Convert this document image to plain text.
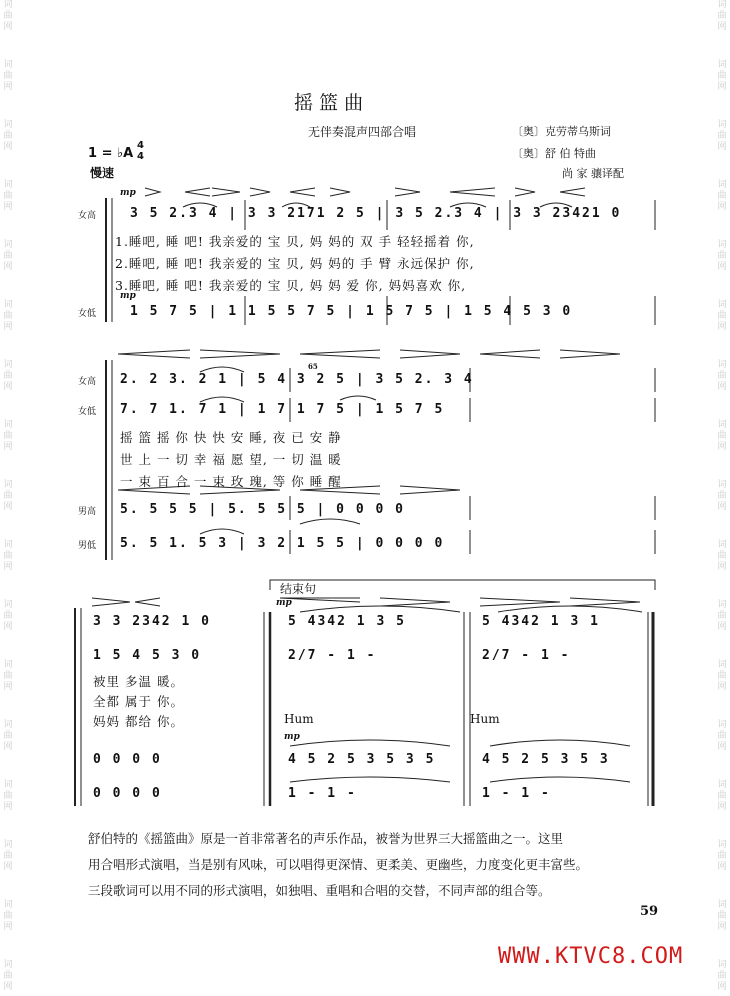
词
曲
网
词
曲
网
词
曲
网
词
曲
网
词
曲
网
词
曲
网
词
曲
网
词
曲
网
词
曲
网
词
曲
网
词
曲
网
词
曲
网
词
曲
网
词
曲
网
词
曲
网
词
曲
网
词
曲
网
词
曲
网
词
曲
网
词
曲
网
词
曲
网
词
曲
网
词
曲
网
词
曲
网
词
曲
网
词
曲
网
词
曲
网
词
曲
网
词
曲
网
词
曲
网
词
曲
网
词
曲
网
词
曲
网
词
曲
网
摇 篮 曲
无伴奏混声四部合唱	〔奥〕克劳蒂乌斯词
〔奥〕舒 伯 特曲
尚 家 骧译配
1 = ♭A
4
4
慢速
mp
女高	3 5 2.3 4 | 3 3 2171 2 5 | 3 5 2.3 4 | 3 3 23421 0
1.睡吧, 睡 吧! 我亲爱的 宝 贝, 妈 妈的 双 手 轻轻摇着 你,
2.睡吧, 睡 吧! 我亲爱的 宝 贝, 妈 妈的 手 臂 永远保护 你,
3.睡吧, 睡 吧! 我亲爱的 宝 贝, 妈 妈 爱 你, 妈妈喜欢 你,
mp
女低	1 5 7 5 | 1 1 5 5 7 5 | 1 5 7 5 | 1 5 4 5 3 0
女高 2. 2 3. 2 1 | 5 4 3 2 5 | 3 5 2. 3 4
65
女低 7. 7 1. 7 1 | 1 7 1 7 5 | 1 5 7 5
摇 篮 摇 你 快 快 安 睡, 夜 已 安 静
世 上 一 切 幸 福 愿 望, 一 切 温 暖
一 束 百 合 一 束 玫 瑰, 等 你 睡 醒
男高 5. 5 5 5 | 5. 5 5 5 | 0 0 0 0
男低 5. 5 1. 5 3 | 3 2 1 5 5 | 0 0 0 0
结束句
mp
3 3 2342 1 0	5 4342 1 3 5	5 4342 1 3 1
1 5 4 5 3 0	2/7 - 1 -	2/7 - 1 -
被里 多温 暖。
全都 属于 你。
妈妈 都给 你。	Hum	Hum
mp
0 0 0 0	4 5 2 5 3 5 3 5	4 5 2 5 3 5 3
0 0 0 0	1 - 1 -	1 - 1 -
舒伯特的《摇篮曲》原是一首非常著名的声乐作品，被誉为世界三大摇篮曲之一。这里
用合唱形式演唱，当是别有风味，可以唱得更深情、更柔美、更幽些，力度变化更丰富些。
三段歌词可以用不同的形式演唱，如独唱、重唱和合唱的交替，不同声部的组合等。
59
WWW.KTVC8.COM
